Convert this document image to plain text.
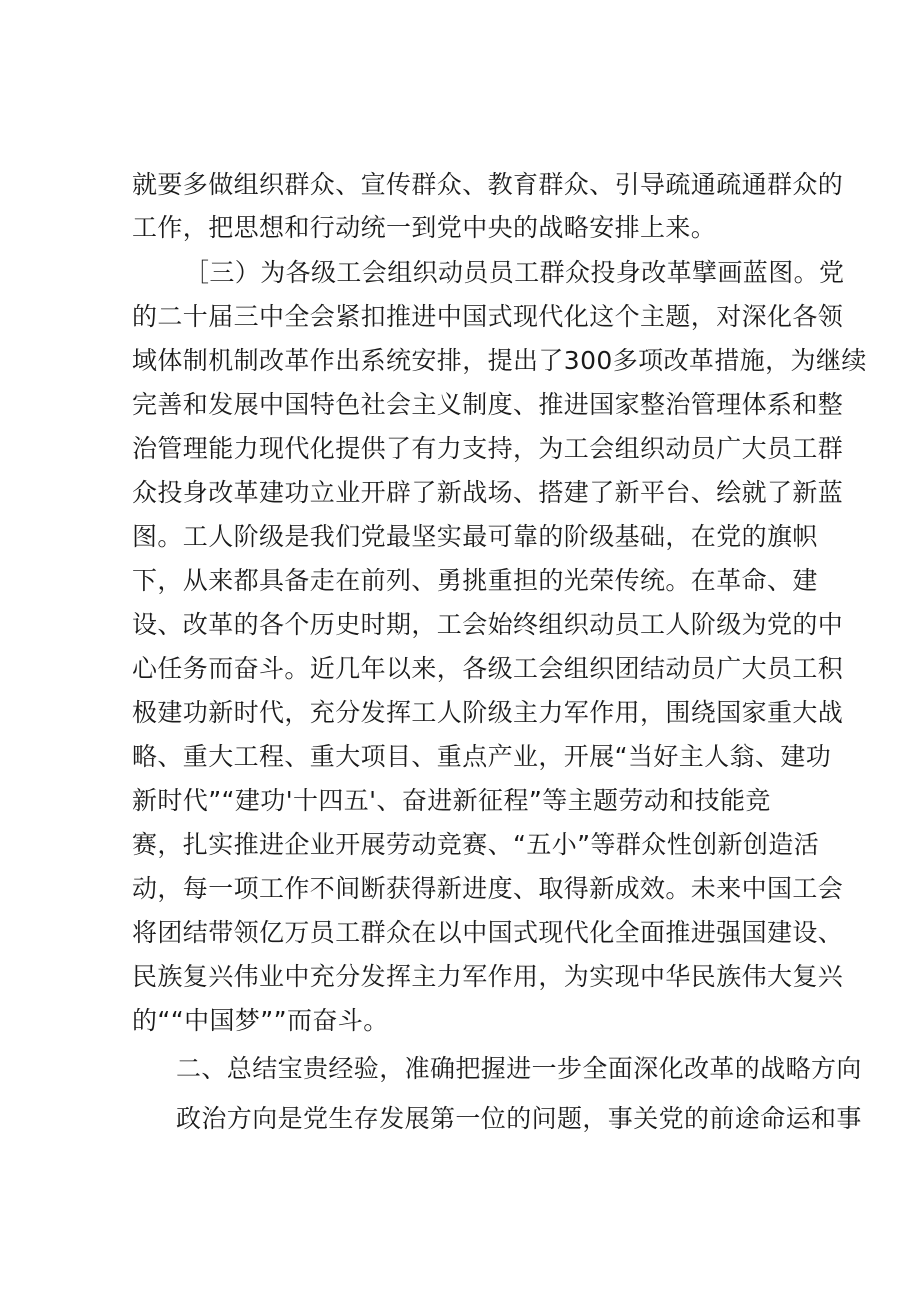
就要多做组织群众、宣传群众、教育群众、引导疏通疏通群众的
工作，把思想和行动统一到党中央的战略安排上来。
［三）为各级工会组织动员员工群众投身改革擘画蓝图。党
的二十届三中全会紧扣推进中国式现代化这个主题，对深化各领
域体制机制改革作出系统安排，提出了300多项改革措施，为继续
完善和发展中国特色社会主义制度、推进国家整治管理体系和整
治管理能力现代化提供了有力支持，为工会组织动员广大员工群
众投身改革建功立业开辟了新战场、搭建了新平台、绘就了新蓝
图。工人阶级是我们党最坚实最可靠的阶级基础，在党的旗帜
下，从来都具备走在前列、勇挑重担的光荣传统。在革命、建
设、改革的各个历史时期，工会始终组织动员工人阶级为党的中
心任务而奋斗。近几年以来，各级工会组织团结动员广大员工积
极建功新时代，充分发挥工人阶级主力军作用，围绕国家重大战
略、重大工程、重大项目、重点产业，开展“当好主人翁、建功
新时代”“建功'十四五'、奋进新征程”等主题劳动和技能竞
赛，扎实推进企业开展劳动竞赛、“五小”等群众性创新创造活
动，每一项工作不间断获得新进度、取得新成效。未来中国工会
将团结带领亿万员工群众在以中国式现代化全面推进强国建设、
民族复兴伟业中充分发挥主力军作用，为实现中华民族伟大复兴
的““中国梦””而奋斗。
二、总结宝贵经验，准确把握进一步全面深化改革的战略方向
政治方向是党生存发展第一位的问题，事关党的前途命运和事
